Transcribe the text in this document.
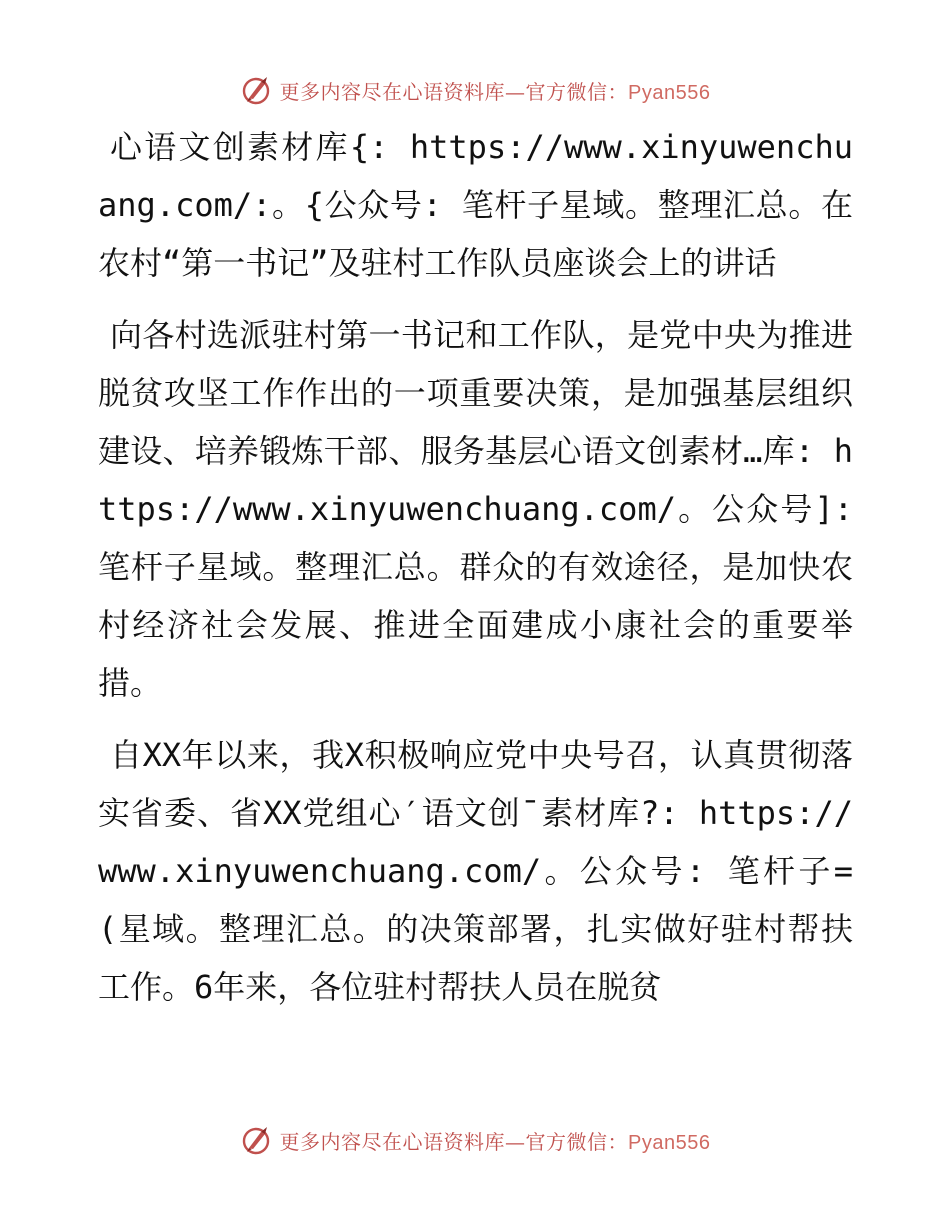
更多内容尽在心语资料库—官方微信：Pyan556

心语文创素材库{: https://www.xinyuwenchuang.com/:。{公众号: 笔杆子星域。整理汇总。在农村“第一书记”及驻村工作队员座谈会上的讲话

向各村选派驻村第一书记和工作队，是党中央为推进脱贫攻坚工作作出的一项重要决策，是加强基层组织建设、培养锻炼干部、服务基层心语文创素材…库: https://www.xinyuwenchuang.com/。公众号]: 笔杆子星域。整理汇总。群众的有效途径，是加快农村经济社会发展、推进全面建成小康社会的重要举措。

自XX年以来，我X积极响应党中央号召，认真贯彻落实省委、省XX党组心′语文创¯素材库?: https://www.xinyuwenchuang.com/。公众号: 笔杆子=(星域。整理汇总。的决策部署，扎实做好驻村帮扶工作。6年来，各位驻村帮扶人员在脱贫

更多内容尽在心语资料库—官方微信：Pyan556
